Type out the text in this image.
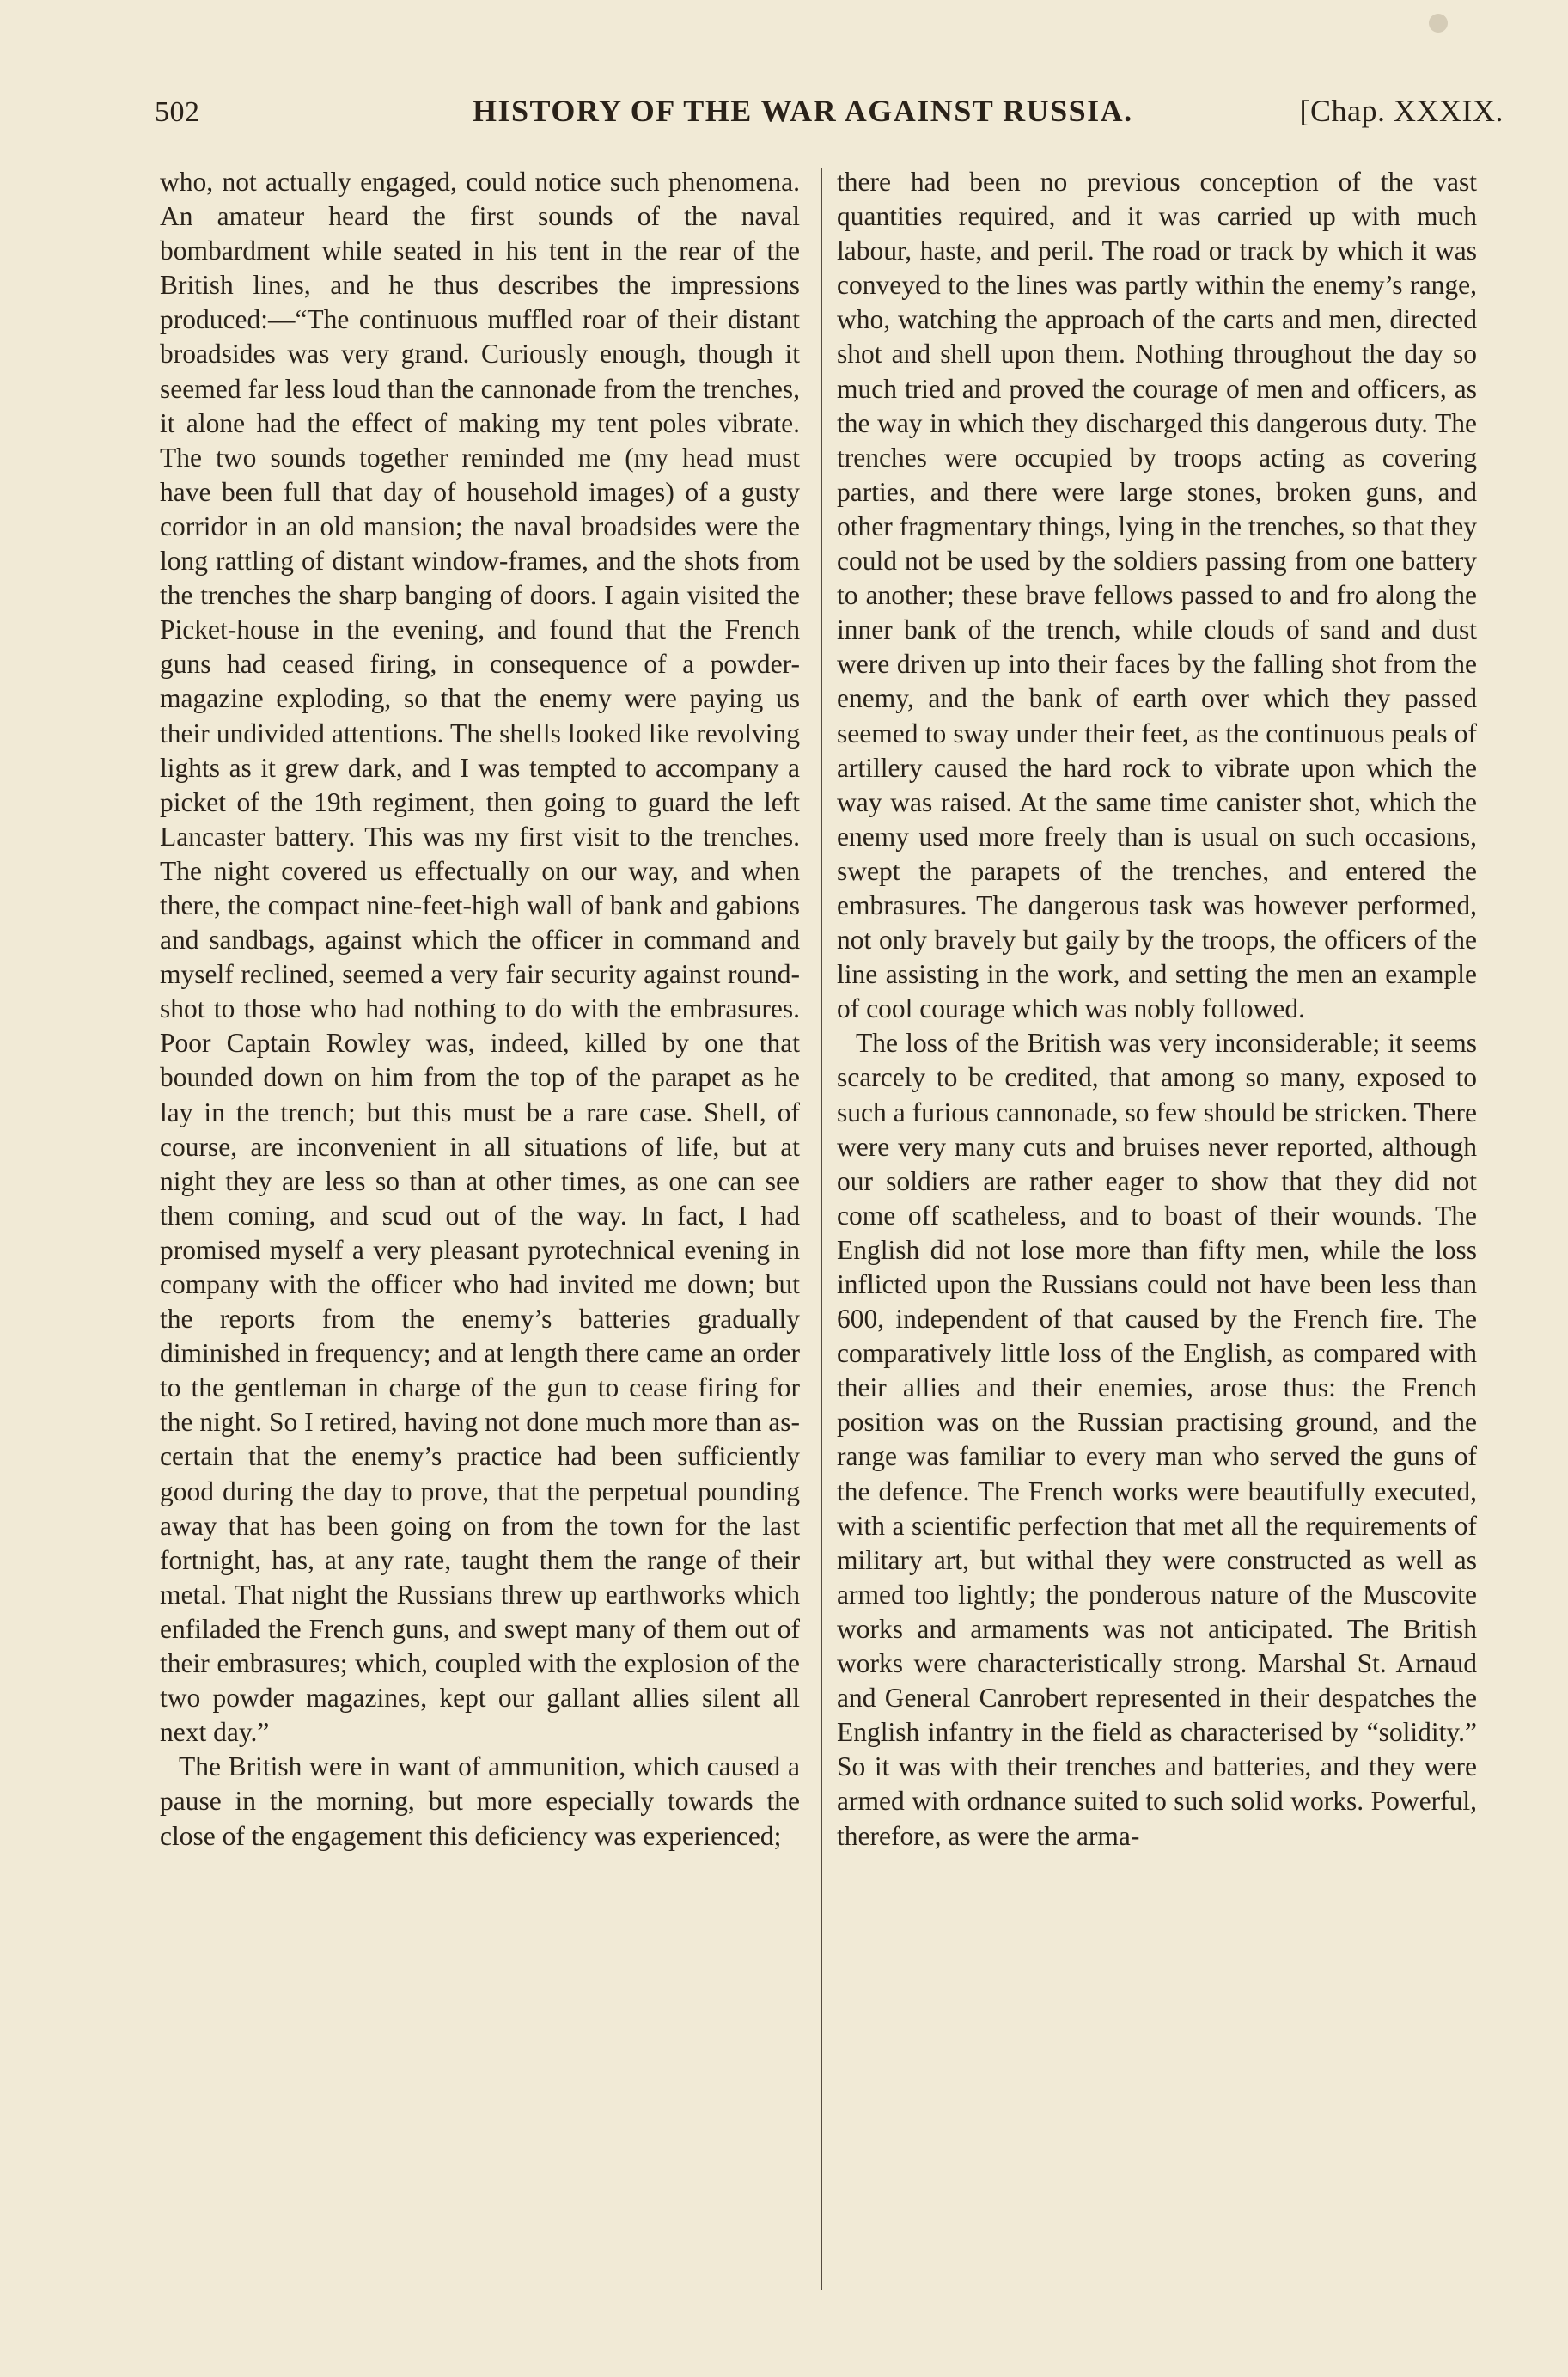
502	HISTORY OF THE WAR AGAINST RUSSIA.	[Chap. XXXIX.

who, not actually engaged, could notice such phenomena. An amateur heard the first sounds of the naval bombardment while seated in his tent in the rear of the British lines, and he thus describes the impressions produced:—“The continuous muffled roar of their distant broadsides was very grand. Curiously enough, though it seemed far less loud than the cannonade from the trenches, it alone had the effect of making my tent poles vibrate. The two sounds together reminded me (my head must have been full that day of household images) of a gusty corridor in an old mansion; the naval broadsides were the long rattling of distant window-frames, and the shots from the trenches the sharp banging of doors. I again visited the Picket-house in the evening, and found that the French guns had ceased firing, in consequence of a powder-magazine exploding, so that the enemy were paying us their undivided attentions. The shells looked like revolving lights as it grew dark, and I was tempted to accompany a picket of the 19th regiment, then going to guard the left Lancaster battery. This was my first visit to the trenches. The night covered us effectually on our way, and when there, the compact nine-feet-high wall of bank and gabions and sandbags, against which the officer in command and myself reclined, seemed a very fair security against round-shot to those who had nothing to do with the embrasures. Poor Captain Rowley was, indeed, killed by one that bounded down on him from the top of the parapet as he lay in the trench; but this must be a rare case. Shell, of course, are inconvenient in all situations of life, but at night they are less so than at other times, as one can see them coming, and scud out of the way. In fact, I had promised myself a very pleasant pyrotechnical evening in company with the officer who had invited me down; but the reports from the enemy’s batteries gradually diminished in frequency; and at length there came an order to the gentleman in charge of the gun to cease firing for the night. So I retired, having not done much more than ascertain that the enemy’s practice had been sufficiently good during the day to prove, that the perpetual pounding away that has been going on from the town for the last fortnight, has, at any rate, taught them the range of their metal. That night the Russians threw up earthworks which enfiladed the French guns, and swept many of them out of their embrasures; which, coupled with the explosion of the two powder magazines, kept our gallant allies silent all next day.”

The British were in want of ammunition, which caused a pause in the morning, but more especially towards the close of the engagement this deficiency was experienced;

there had been no previous conception of the vast quantities required, and it was carried up with much labour, haste, and peril. The road or track by which it was conveyed to the lines was partly within the enemy’s range, who, watching the approach of the carts and men, directed shot and shell upon them. Nothing throughout the day so much tried and proved the courage of men and officers, as the way in which they discharged this dangerous duty. The trenches were occupied by troops acting as covering parties, and there were large stones, broken guns, and other fragmentary things, lying in the trenches, so that they could not be used by the soldiers passing from one battery to another; these brave fellows passed to and fro along the inner bank of the trench, while clouds of sand and dust were driven up into their faces by the falling shot from the enemy, and the bank of earth over which they passed seemed to sway under their feet, as the continuous peals of artillery caused the hard rock to vibrate upon which the way was raised. At the same time canister shot, which the enemy used more freely than is usual on such occasions, swept the parapets of the trenches, and entered the embrasures. The dangerous task was however performed, not only bravely but gaily by the troops, the officers of the line assisting in the work, and setting the men an example of cool courage which was nobly followed.

The loss of the British was very inconsiderable; it seems scarcely to be credited, that among so many, exposed to such a furious cannonade, so few should be stricken. There were very many cuts and bruises never reported, although our soldiers are rather eager to show that they did not come off scatheless, and to boast of their wounds. The English did not lose more than fifty men, while the loss inflicted upon the Russians could not have been less than 600, independent of that caused by the French fire. The comparatively little loss of the English, as compared with their allies and their enemies, arose thus: the French position was on the Russian practising ground, and the range was familiar to every man who served the guns of the defence. The French works were beautifully executed, with a scientific perfection that met all the requirements of military art, but withal they were constructed as well as armed too lightly; the ponderous nature of the Muscovite works and armaments was not anticipated. The British works were characteristically strong. Marshal St. Arnaud and General Canrobert represented in their despatches the English infantry in the field as characterised by “solidity.” So it was with their trenches and batteries, and they were armed with ordnance suited to such solid works. Powerful, therefore, as were the arma-
